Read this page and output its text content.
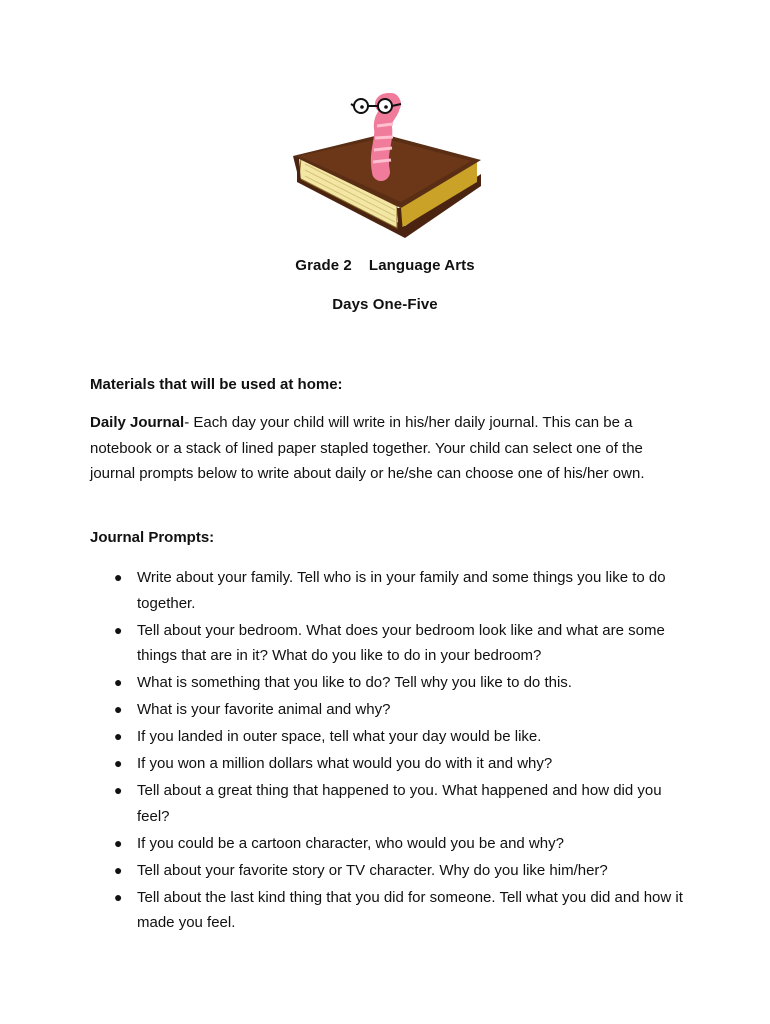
Grade 2    Language Arts
Days One-Five
Materials that will be used at home:
Daily Journal- Each day your child will write in his/her daily journal. This can be a notebook or a stack of lined paper stapled together. Your child can select one of the journal prompts below to write about daily or he/she can choose one of his/her own.
Journal Prompts:
● Write about your family. Tell who is in your family and some things you like to do together.
● Tell about your bedroom. What does your bedroom look like and what are some things that are in it? What do you like to do in your bedroom?
● What is something that you like to do? Tell why you like to do this.
● What is your favorite animal and why?
● If you landed in outer space, tell what your day would be like.
● If you won a million dollars what would you do with it and why?
● Tell about a great thing that happened to you. What happened and how did you feel?
● If you could be a cartoon character, who would you be and why?
● Tell about your favorite story or TV character. Why do you like him/her?
● Tell about the last kind thing that you did for someone. Tell what you did and how it made you feel.
